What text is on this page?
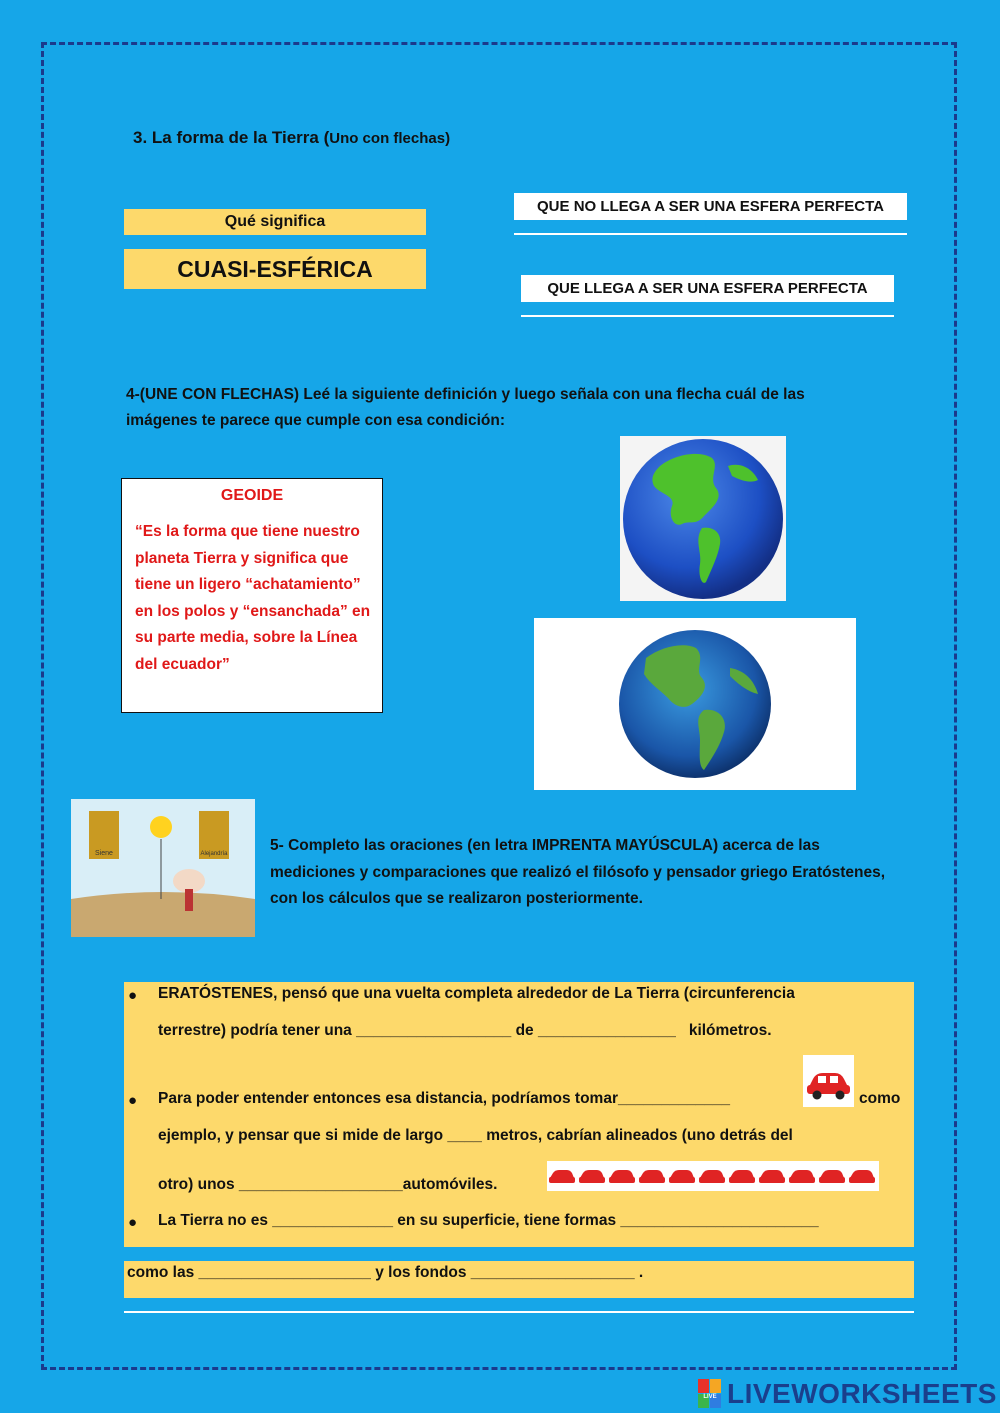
3. La forma de la Tierra (Uno con flechas)
Qué significa
CUASI-ESFÉRICA
QUE NO LLEGA A SER UNA ESFERA PERFECTA
QUE LLEGA A SER UNA ESFERA PERFECTA
4-(UNE CON FLECHAS) Leé la siguiente definición y luego señala con una flecha cuál de las imágenes te parece que cumple con esa condición:
GEOIDE
“Es la forma que tiene nuestro planeta Tierra y significa que tiene un ligero “achatamiento” en los polos y “ensanchada” en su parte media, sobre la Línea del ecuador”
Siene	Alejandría	5- Completo las oraciones (en letra IMPRENTA MAYÚSCULA) acerca de las mediciones y comparaciones que realizó el filósofo y pensador griego Eratóstenes, con los cálculos que se realizaron posteriormente.
● ERATÓSTENES, pensó que una vuelta completa alrededor de La Tierra (circunferencia
terrestre) podría tener una __________________ de ________________   kilómetros.
● Para poder entender entonces esa distancia, podríamos tomar_____________	como
ejemplo, y pensar que si mide de largo ____ metros, cabrían alineados (uno detrás del
otro) unos ___________________automóviles.
● La Tierra no es ______________ en su superficie, tiene formas _______________________
como las ____________________ y los fondos ___________________ .
LIVE LIVEWORKSHEETS
